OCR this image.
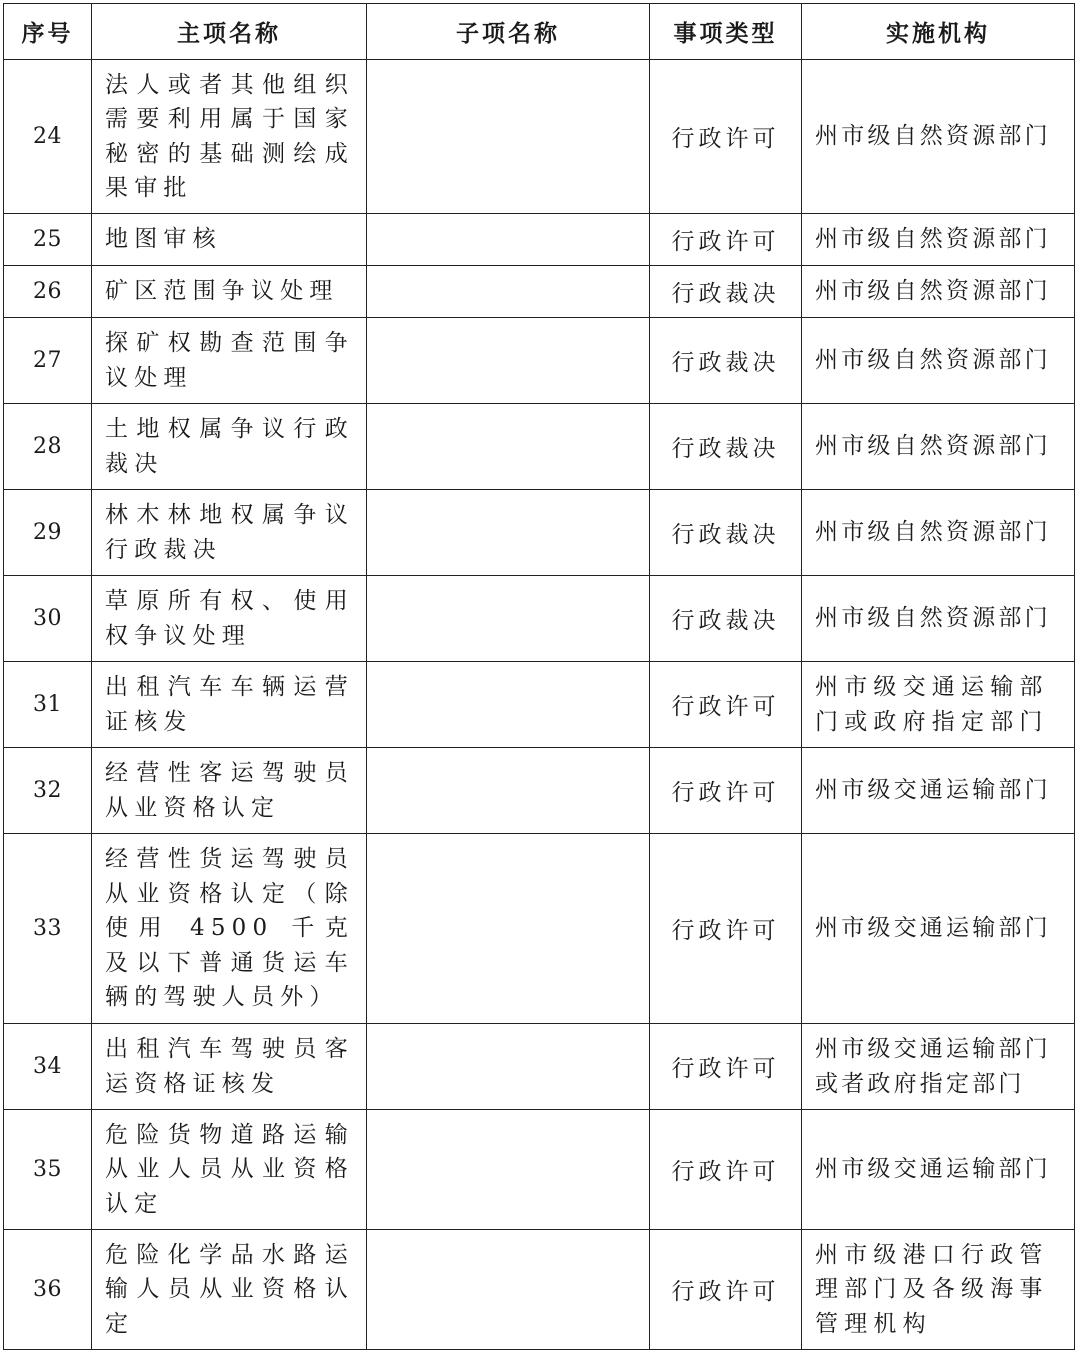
序号	主项名称	子项名称	事项类型	实施机构
24	法人或者其他组织需要利用属于国家秘密的基础测绘成果审批		行政许可	州市级自然资源部门
25	地图审核		行政许可	州市级自然资源部门
26	矿区范围争议处理		行政裁决	州市级自然资源部门
27	探矿权勘查范围争议处理		行政裁决	州市级自然资源部门
28	土地权属争议行政裁决		行政裁决	州市级自然资源部门
29	林木林地权属争议行政裁决		行政裁决	州市级自然资源部门
30	草原所有权、使用权争议处理		行政裁决	州市级自然资源部门
31	出租汽车车辆运营证核发		行政许可	州市级交通运输部门或政府指定部门
32	经营性客运驾驶员从业资格认定		行政许可	州市级交通运输部门
33	经营性货运驾驶员从业资格认定（除使用 4500 千克及以下普通货运车辆的驾驶人员外）		行政许可	州市级交通运输部门
34	出租汽车驾驶员客运资格证核发		行政许可	州市级交通运输部门或者政府指定部门
35	危险货物道路运输从业人员从业资格认定		行政许可	州市级交通运输部门
36	危险化学品水路运输人员从业资格认定		行政许可	州市级港口行政管理部门及各级海事管理机构
